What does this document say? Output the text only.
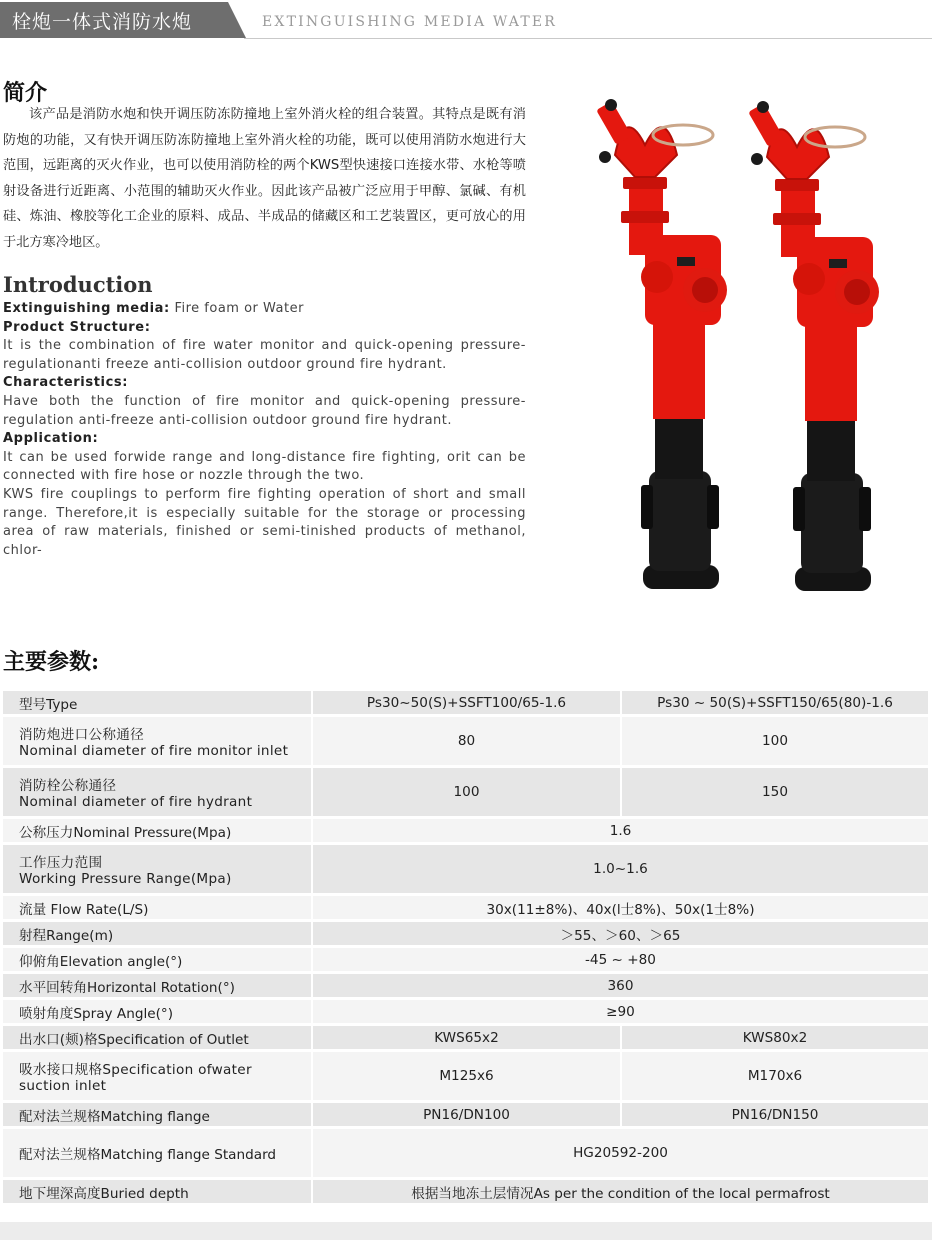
栓炮一体式消防水炮	EXTINGUISHING MEDIA WATER
简介
该产品是消防水炮和快开调压防冻防撞地上室外消火栓的组合装置。其特点是既有消防炮的功能，又有快开调压防冻防撞地上室外消火栓的功能，既可以使用消防水炮进行大范围，远距离的灭火作业，也可以使用消防栓的两个KWS型快速接口连接水带、水枪等喷射设备进行近距离、小范围的辅助灭火作业。因此该产品被广泛应用于甲醇、氯碱、有机硅、炼油、橡胶等化工企业的原料、成品、半成品的储藏区和工艺装置区，更可放心的用于北方寒冷地区。
Introduction
Extinguishing media: Fire foam or Water
Product Structure:
It is the combination of fire water monitor and quick-opening pressure-regulationanti freeze anti-collision outdoor ground fire hydrant.
Characteristics:
Have both the function of fire monitor and quick-opening pressure-regulation anti-freeze anti-collision outdoor ground fire hydrant.
Application:
It can be used forwide range and long-distance fire fighting, orit can be connected with fire hose or nozzle through the two.
KWS fire couplings to perform fire fighting operation of short and small range. Therefore,it is especially suitable for the storage or processing area of raw materials, finished or semi-tinished products of methanol, chlor-
主要参数:
型号Type	Ps30~50(S)+SSFT100/65-1.6	Ps30 ~ 50(S)+SSFT150/65(80)-1.6

消防炮进口公称通径
Nominal diameter of fire monitor inlet	80	100

消防栓公称通径
Nominal diameter of fire hydrant	100	150
公称压力Nominal Pressure(Mpa)	1.6	

工作压力范围
Working Pressure Range(Mpa)	1.0~1.6	
流量 Flow Rate(L/S)	30x(11±8%)、40x(l士8%)、50x(1士8%)	
射程Range(m)	＞55、＞60、＞65	
仰俯角Elevation angle(°)	-45 ~ +80	
水平回转角Horizontal Rotation(°)	360	
喷射角度Spray Angle(°)	≥90	
出水口(颊)格Specification of Outlet	KWS65x2	KWS80x2

吸水接口规格Specification ofwater
suction inlet	M125x6	M170x6
配对法兰规格Matching flange	PN16/DN100	PN16/DN150
配对法兰规格Matching flange Standard	HG20592-200	
地下埋深高度Buried depth	根据当地冻土层情况As per the condition of the local permafrost	
